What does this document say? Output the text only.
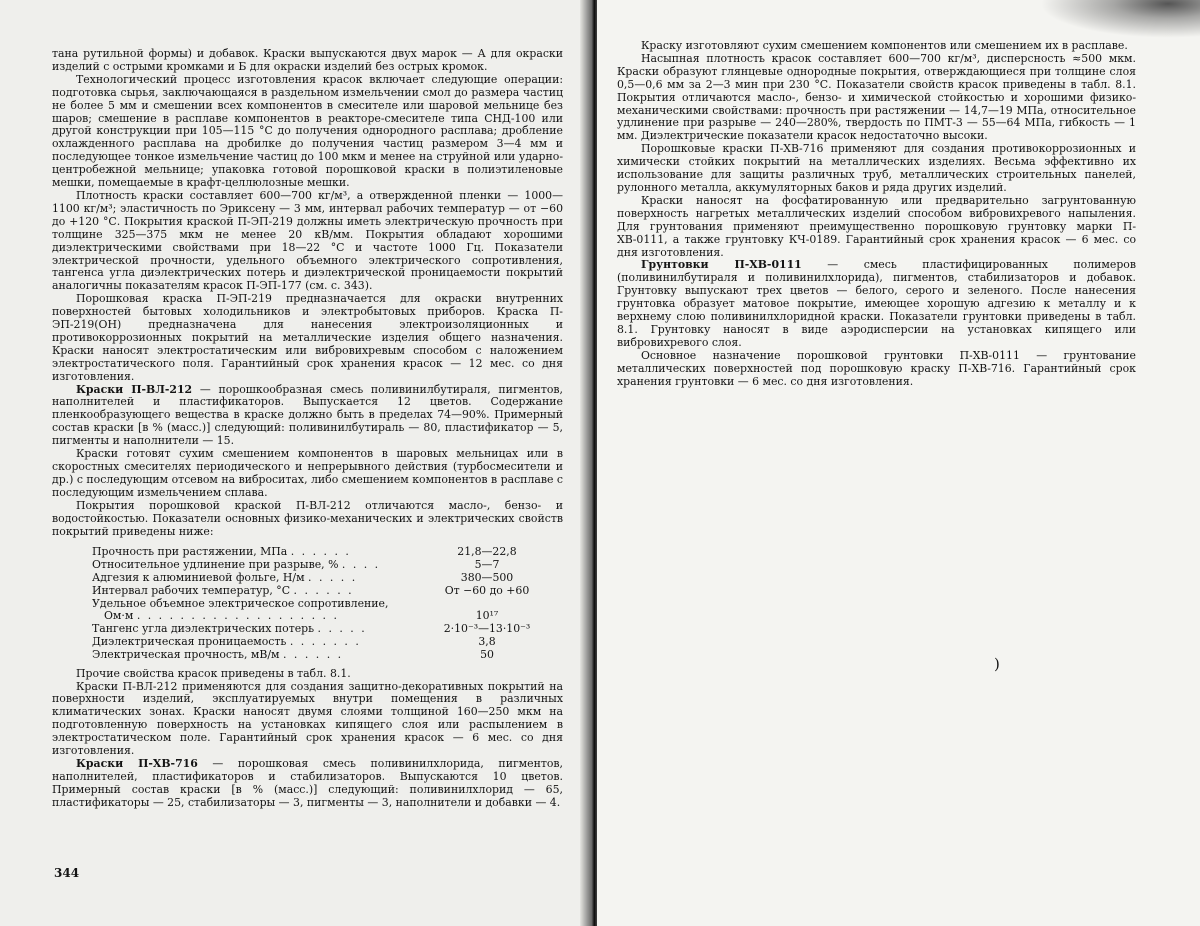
тана рутильной формы) и добавок. Краски выпускаются двух марок — А для окраски изделий с острыми кромками и Б для окраски изделий без острых кромок.

Технологический процесс изготовления красок включает следующие операции: подготовка сырья, заключающаяся в раздельном измельчении смол до размера частиц не более 5 мм и смешении всех компонентов в смесителе или шаровой мельнице без шаров; смешение в расплаве компонентов в реакторе-смесителе типа СНД-100 или другой конструкции при 105—115 °С до получения однородного расплава; дробление охлажденного расплава на дробилке до получения частиц размером 3—4 мм и последующее тонкое измельчение частиц до 100 мкм и менее на струйной или ударно-центробежной мельнице; упаковка готовой порошковой краски в полиэтиленовые мешки, помещаемые в крафт-целлюлозные мешки.

Плотность краски составляет 600—700 кг/м³, а отвержденной пленки — 1000—1100 кг/м³; эластичность по Эриксену — 3 мм, интервал рабочих температур — от −60 до +120 °С. Покрытия краской П-ЭП-219 должны иметь электрическую прочность при толщине 325—375 мкм не менее 20 кВ/мм. Покрытия обладают хорошими диэлектрическими свойствами при 18—22 °С и частоте 1000 Гц. Показатели электрической прочности, удельного объемного электрического сопротивления, тангенса угла диэлектрических потерь и диэлектрической проницаемости покрытий аналогичны показателям красок П-ЭП-177 (см. с. 343).

Порошковая краска П-ЭП-219 предназначается для окраски внутренних поверхностей бытовых холодильников и электробытовых приборов. Краска П-ЭП-219(ОН) предназначена для нанесения электроизоляционных и противокоррозионных покрытий на металлические изделия общего назначения. Краски наносят электростатическим или вибровихревым способом с наложением электростатического поля. Гарантийный срок хранения красок — 12 мес. со дня изготовления.

Краски П-ВЛ-212 — порошкообразная смесь поливинилбутираля, пигментов, наполнителей и пластификаторов. Выпускается 12 цветов. Содержание пленкообразующего вещества в краске должно быть в пределах 74—90%. Примерный состав краски [в % (масс.)] следующий: поливинилбутираль — 80, пластификатор — 5, пигменты и наполнители — 15.

Краски готовят сухим смешением компонентов в шаровых мельницах или в скоростных смесителях периодического и непрерывного действия (турбосмесители и др.) с последующим отсевом на виброситах, либо смешением компонентов в расплаве с последующим измельчением сплава.

Покрытия порошковой краской П-ВЛ-212 отличаются масло-, бензо- и водостойкостью. Показатели основных физико-механических и электрических свойств покрытий приведены ниже:

Прочность при растяжении, МПа . . . . . .	21,8—22,8
Относительное удлинение при разрыве, % . . . .	5—7
Адгезия к алюминиевой фольге, Н/м . . . . .	380—500
Интервал рабочих температур, °С . . . . . .	От −60 до +60
Удельное объемное электрическое сопротивление,	
Ом·м . . . . . . . . . . . . . . . . . . .	10¹⁷
Тангенс угла диэлектрических потерь . . . . .	2·10⁻³—13·10⁻³
Диэлектрическая проницаемость . . . . . . .	3,8
Электрическая прочность, мВ/м . . . . . .	50

Прочие свойства красок приведены в табл. 8.1.

Краски П-ВЛ-212 применяются для создания защитно-декоративных покрытий на поверхности изделий, эксплуатируемых внутри помещения в различных климатических зонах. Краски наносят двумя слоями толщиной 160—250 мкм на подготовленную поверхность на установках кипящего слоя или распылением в электростатическом поле. Гарантийный срок хранения красок — 6 мес. со дня изготовления.

Краски П-ХВ-716 — порошковая смесь поливинилхлорида, пигментов, наполнителей, пластификаторов и стабилизаторов. Выпускаются 10 цветов. Примерный состав краски [в % (масс.)] следующий: поливинилхлорид — 65, пластификаторы — 25, стабилизаторы — 3, пигменты — 3, наполнители и добавки — 4.

344

Краску изготовляют сухим смешением компонентов или смешением их в расплаве.

Насыпная плотность красок составляет 600—700 кг/м³, дисперсность ≈500 мкм. Краски образуют глянцевые однородные покрытия, отверждающиеся при толщине слоя 0,5—0,6 мм за 2—3 мин при 230 °С. Показатели свойств красок приведены в табл. 8.1. Покрытия отличаются масло-, бензо- и химической стойкостью и хорошими физико-механическими свойствами: прочность при растяжении — 14,7—19 МПа, относительное удлинение при разрыве — 240—280%, твердость по ПМТ-3 — 55—64 МПа, гибкость — 1 мм. Диэлектрические показатели красок недостаточно высоки.

Порошковые краски П-ХВ-716 применяют для создания противокоррозионных и химически стойких покрытий на металлических изделиях. Весьма эффективно их использование для защиты различных труб, металлических строительных панелей, рулонного металла, аккумуляторных баков и ряда других изделий.

Краски наносят на фосфатированную или предварительно загрунтованную поверхность нагретых металлических изделий способом вибровихревого напыления. Для грунтования применяют преимущественно порошковую грунтовку марки П-ХВ-0111, а также грунтовку КЧ-0189. Гарантийный срок хранения красок — 6 мес. со дня изготовления.

Грунтовки П-ХВ-0111 — смесь пластифицированных полимеров (поливинилбутираля и поливинилхлорида), пигментов, стабилизаторов и добавок. Грунтовку выпускают трех цветов — белого, серого и зеленого. После нанесения грунтовка образует матовое покрытие, имеющее хорошую адгезию к металлу и к верхнему слою поливинилхлоридной краски. Показатели грунтовки приведены в табл. 8.1. Грунтовку наносят в виде аэродисперсии на установках кипящего или вибровихревого слоя.

Основное назначение порошковой грунтовки П-ХВ-0111 — грунтование металлических поверхностей под порошковую краску П-ХВ-716. Гарантийный срок хранения грунтовки — 6 мес. со дня изготовления.

)
